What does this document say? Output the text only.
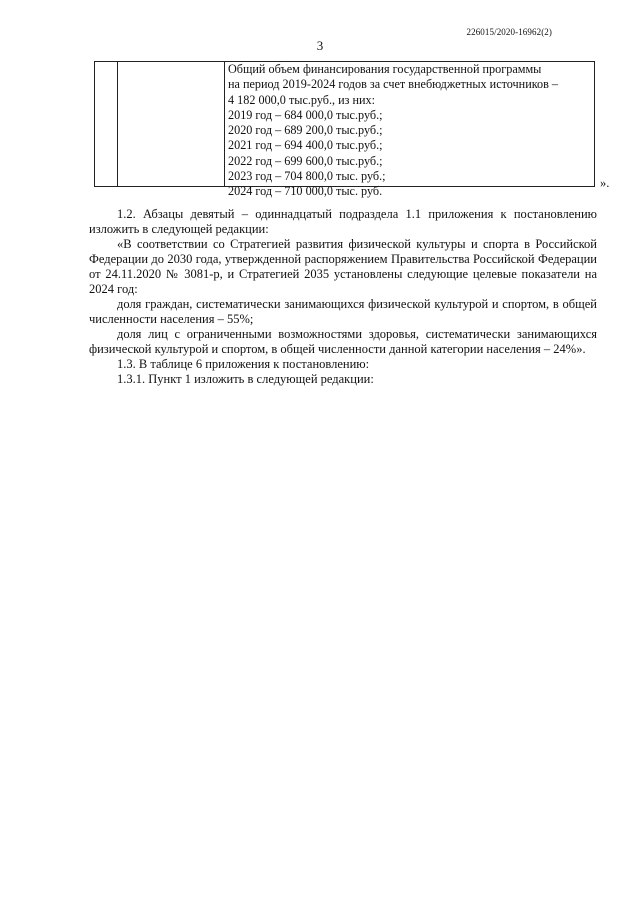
226015/2020-16962(2)
3
Общий объем финансирования государственной программы
на период 2019-2024 годов за счет внебюджетных источников –
4 182 000,0 тыс.руб., из них:
2019 год – 684 000,0 тыс.руб.;
2020 год – 689 200,0 тыс.руб.;
2021 год – 694 400,0 тыс.руб.;
2022 год – 699 600,0 тыс.руб.;
2023 год – 704 800,0 тыс. руб.;
2024 год – 710 000,0 тыс. руб.
».

1.2. Абзацы девятый – одиннадцатый подраздела 1.1 приложения к постановлению изложить в следующей редакции:

«В соответствии со Стратегией развития физической культуры и спорта в Российской Федерации до 2030 года, утвержденной распоряжением Правительства Российской Федерации от 24.11.2020 № 3081-р, и Стратегией 2035 установлены следующие целевые показатели на 2024 год:

доля граждан, систематически занимающихся физической культурой и спортом, в общей численности населения – 55%;

доля лиц с ограниченными возможностями здоровья, систематически занимающихся физической культурой и спортом, в общей численности данной категории населения – 24%».

1.3. В таблице 6 приложения к постановлению:

1.3.1. Пункт 1 изложить в следующей редакции:
